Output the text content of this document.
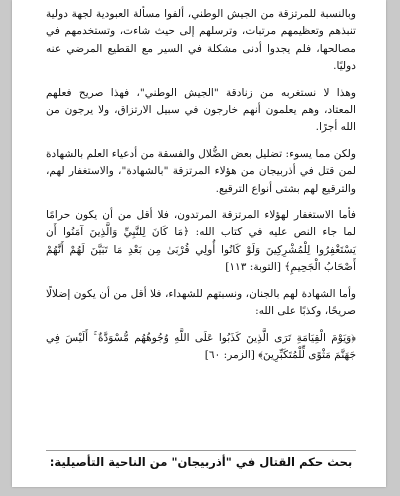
وبالنسبة للمرتزقة من الجيش الوطني، ألفوا مسألة العبودية لجهة دولية تنبذهم وتعظيمهم مرتبات، وترسلهم إلى حيث شاءت، وتستخدمهم في مصالحها، فلم يجدوا أدنى مشكلة في السير مع القطيع المرضي عنه دوليًا.

وهذا لا نستغربه من زنادقة "الجيش الوطني"، فهذا صريح فعلهم المعتاد، وهم يعلمون أنهم خارجون في سبيل الارتزاق، ولا يرجون من الله أجرًا.

ولكن مما يسوء: تضليل بعض الضُّلال والفسقة من أدعياء العلم بالشهادة لمن قتل في أذربيجان من هؤلاء المرتزقة "بالشهادة"، والاستغفار لهم، والترقيع لهم بشتى أنواع الترقيع.

فأما الاستغفار لهؤلاء المرتزقة المرتدون، فلا أقل من أن يكون حرامًا لما جاء النص عليه في كتاب الله: ﴿مَا كَانَ لِلنَّبِيِّ وَالَّذِينَ آمَنُوا أَن يَسْتَغْفِرُوا لِلْمُشْرِكِينَ وَلَوْ كَانُوا أُولِي قُرْبَىٰ مِن بَعْدِ مَا تَبَيَّنَ لَهُمْ أَنَّهُمْ أَصْحَابُ الْجَحِيمِ﴾ [التوبة: ١١٣]

وأما الشهادة لهم بالجنان، ونسبتهم للشهداء، فلا أقل من أن يكون إضلالًا صريحًا، وكذبًا على الله:

﴿وَيَوْمَ الْقِيَامَةِ تَرَى الَّذِينَ كَذَبُوا عَلَى اللَّهِ وُجُوهُهُم مُّسْوَدَّةٌ ۚ أَلَيْسَ فِي جَهَنَّمَ مَثْوًى لِّلْمُتَكَبِّرِينَ﴾ [الزمر: ٦٠]

بحث حكم القتال في "أذربيجان" من الناحية التأصيلية:
